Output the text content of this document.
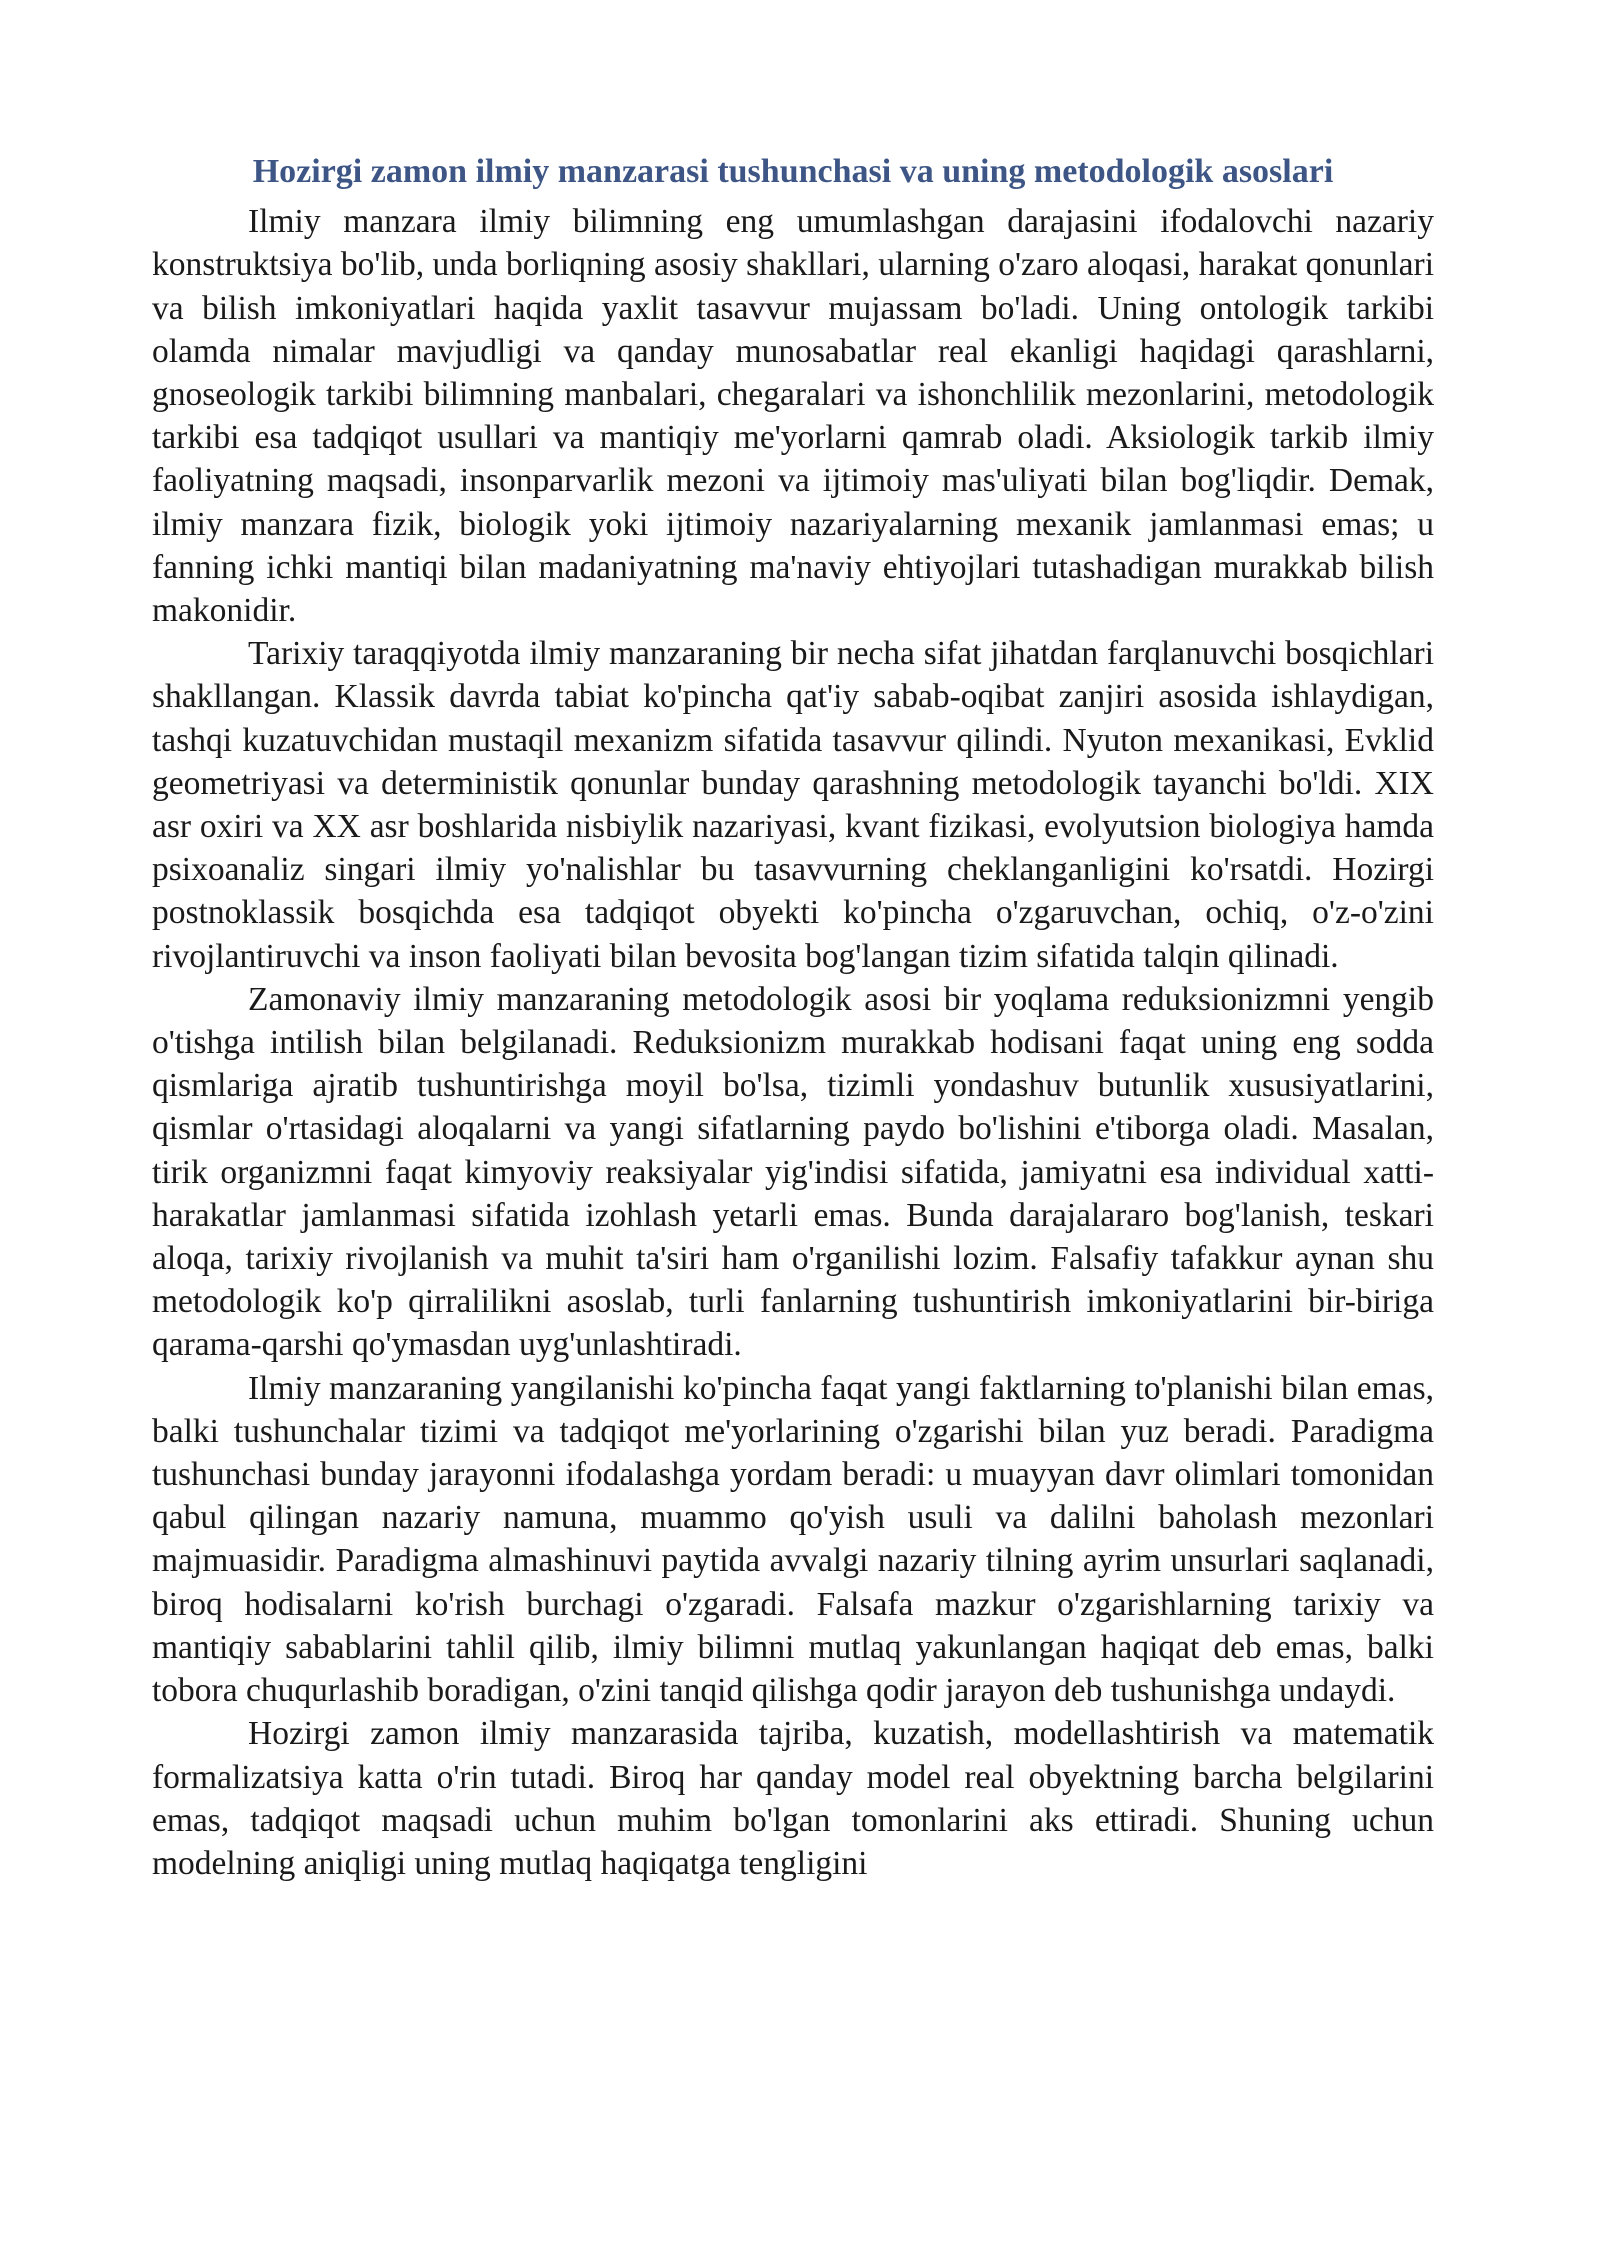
Hozirgi zamon ilmiy manzarasi tushunchasi va uning metodologik asoslari

Ilmiy manzara ilmiy bilimning eng umumlashgan darajasini ifodalovchi nazariy konstruktsiya bo'lib, unda borliqning asosiy shakllari, ularning o'zaro aloqasi, harakat qonunlari va bilish imkoniyatlari haqida yaxlit tasavvur mujassam bo'ladi. Uning ontologik tarkibi olamda nimalar mavjudligi va qanday munosabatlar real ekanligi haqidagi qarashlarni, gnoseologik tarkibi bilimning manbalari, chegaralari va ishonchlilik mezonlarini, metodologik tarkibi esa tadqiqot usullari va mantiqiy me'yorlarni qamrab oladi. Aksiologik tarkib ilmiy faoliyatning maqsadi, insonparvarlik mezoni va ijtimoiy mas'uliyati bilan bog'liqdir. Demak, ilmiy manzara fizik, biologik yoki ijtimoiy nazariyalarning mexanik jamlanmasi emas; u fanning ichki mantiqi bilan madaniyatning ma'naviy ehtiyojlari tutashadigan murakkab bilish makonidir.

Tarixiy taraqqiyotda ilmiy manzaraning bir necha sifat jihatdan farqlanuvchi bosqichlari shakllangan. Klassik davrda tabiat ko'pincha qat'iy sabab-oqibat zanjiri asosida ishlaydigan, tashqi kuzatuvchidan mustaqil mexanizm sifatida tasavvur qilindi. Nyuton mexanikasi, Evklid geometriyasi va deterministik qonunlar bunday qarashning metodologik tayanchi bo'ldi. XIX asr oxiri va XX asr boshlarida nisbiylik nazariyasi, kvant fizikasi, evolyutsion biologiya hamda psixoanaliz singari ilmiy yo'nalishlar bu tasavvurning cheklanganligini ko'rsatdi. Hozirgi postnoklassik bosqichda esa tadqiqot obyekti ko'pincha o'zgaruvchan, ochiq, o'z-o'zini rivojlantiruvchi va inson faoliyati bilan bevosita bog'langan tizim sifatida talqin qilinadi.

Zamonaviy ilmiy manzaraning metodologik asosi bir yoqlama reduksionizmni yengib o'tishga intilish bilan belgilanadi. Reduksionizm murakkab hodisani faqat uning eng sodda qismlariga ajratib tushuntirishga moyil bo'lsa, tizimli yondashuv butunlik xususiyatlarini, qismlar o'rtasidagi aloqalarni va yangi sifatlarning paydo bo'lishini e'tiborga oladi. Masalan, tirik organizmni faqat kimyoviy reaksiyalar yig'indisi sifatida, jamiyatni esa individual xatti-harakatlar jamlanmasi sifatida izohlash yetarli emas. Bunda darajalararo bog'lanish, teskari aloqa, tarixiy rivojlanish va muhit ta'siri ham o'rganilishi lozim. Falsafiy tafakkur aynan shu metodologik ko'p qirralilikni asoslab, turli fanlarning tushuntirish imkoniyatlarini bir-biriga qarama-qarshi qo'ymasdan uyg'unlashtiradi.

Ilmiy manzaraning yangilanishi ko'pincha faqat yangi faktlarning to'planishi bilan emas, balki tushunchalar tizimi va tadqiqot me'yorlarining o'zgarishi bilan yuz beradi. Paradigma tushunchasi bunday jarayonni ifodalashga yordam beradi: u muayyan davr olimlari tomonidan qabul qilingan nazariy namuna, muammo qo'yish usuli va dalilni baholash mezonlari majmuasidir. Paradigma almashinuvi paytida avvalgi nazariy tilning ayrim unsurlari saqlanadi, biroq hodisalarni ko'rish burchagi o'zgaradi. Falsafa mazkur o'zgarishlarning tarixiy va mantiqiy sabablarini tahlil qilib, ilmiy bilimni mutlaq yakunlangan haqiqat deb emas, balki tobora chuqurlashib boradigan, o'zini tanqid qilishga qodir jarayon deb tushunishga undaydi.

Hozirgi zamon ilmiy manzarasida tajriba, kuzatish, modellashtirish va matematik formalizatsiya katta o'rin tutadi. Biroq har qanday model real obyektning barcha belgilarini emas, tadqiqot maqsadi uchun muhim bo'lgan tomonlarini aks ettiradi. Shuning uchun modelning aniqligi uning mutlaq haqiqatga tengligini
